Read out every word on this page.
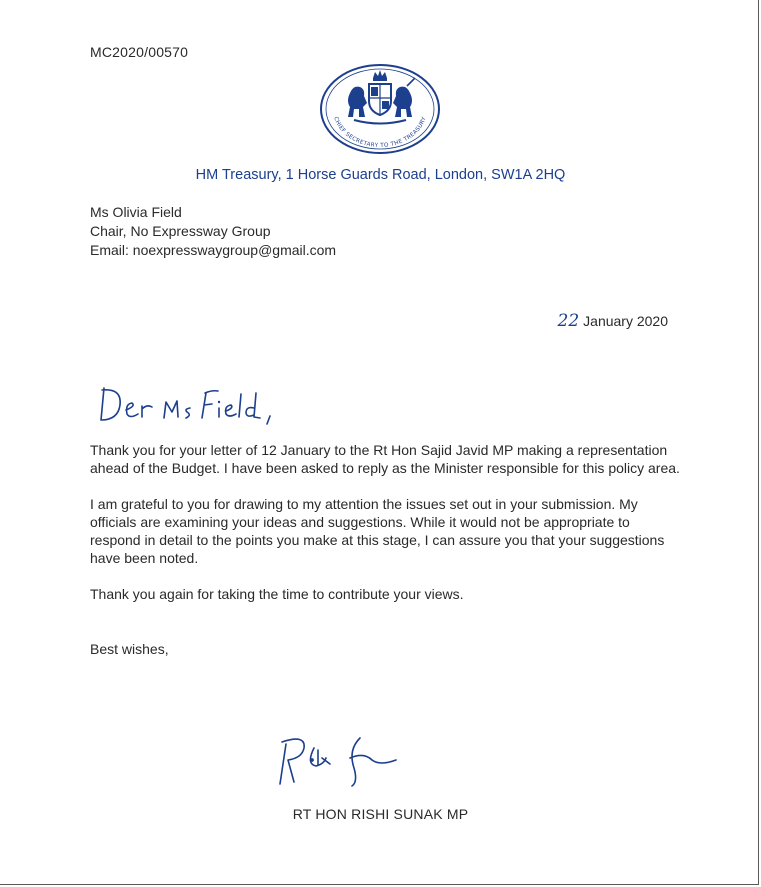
MC2020/00570
CHIEF SECRETARY TO THE TREASURY
HM Treasury, 1 Horse Guards Road, London, SW1A 2HQ
Ms Olivia Field
Chair, No Expressway Group
Email: noexpresswaygroup@gmail.com
22 January 2020

Thank you for your letter of 12 January to the Rt Hon Sajid Javid MP making a representation ahead of the Budget. I have been asked to reply as the Minister responsible for this policy area.

I am grateful to you for drawing to my attention the issues set out in your submission. My officials are examining your ideas and suggestions. While it would not be appropriate to respond in detail to the points you make at this stage, I can assure you that your suggestions have been noted.

Thank you again for taking the time to contribute your views.

Best wishes,
RT HON RISHI SUNAK MP
